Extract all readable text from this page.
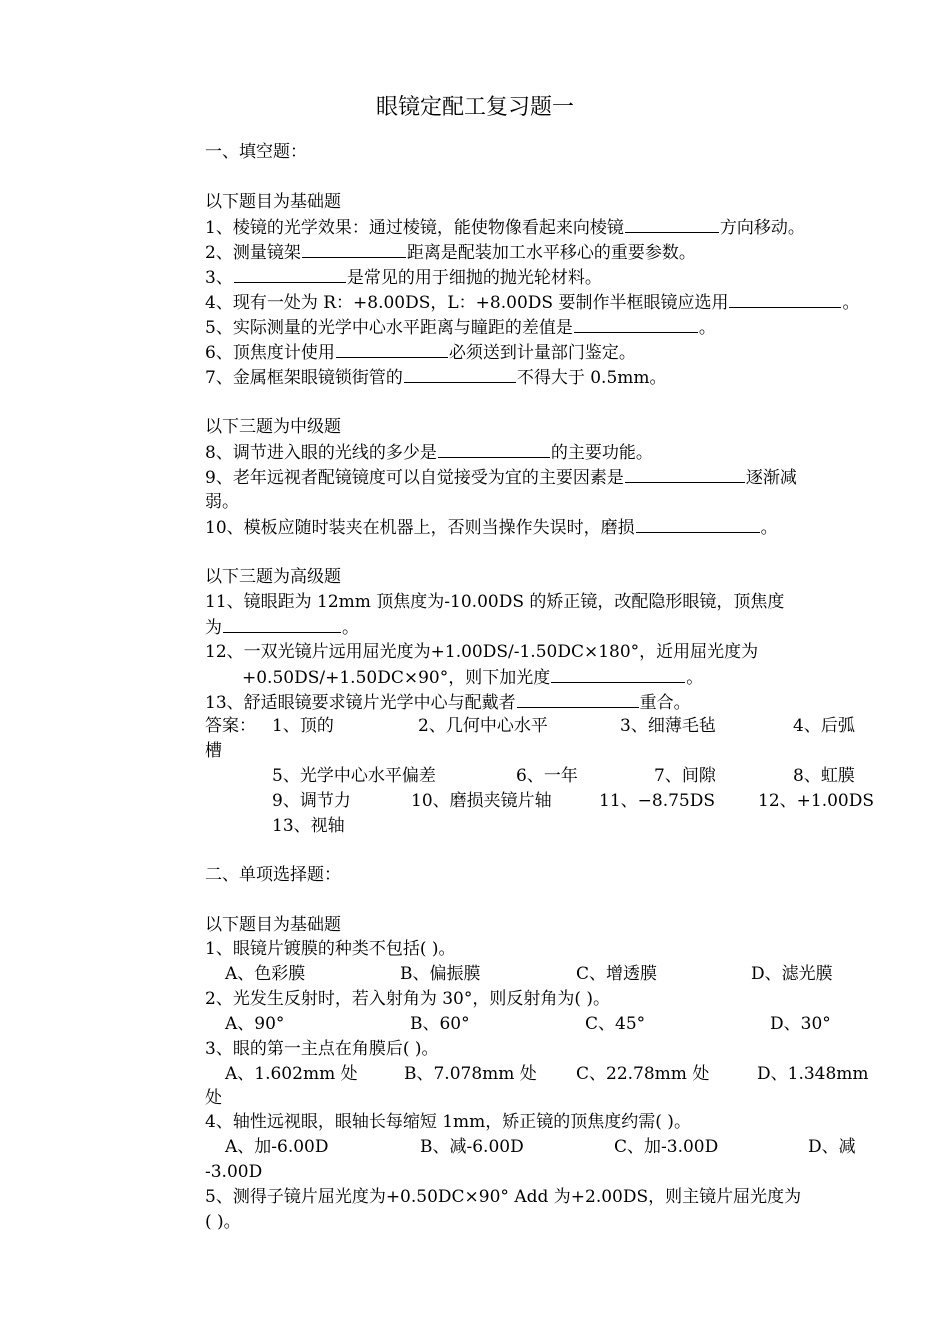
眼镜定配工复习题一
一、填空题：
以下题目为基础题
1、棱镜的光学效果：通过棱镜，能使物像看起来向棱镜	方向移动。
2、测量镜架	距离是配装加工水平移心的重要参数。
3、	是常见的用于细抛的抛光轮材料。
4、现有一处为 R：+8.00DS，L：+8.00DS 要制作半框眼镜应选用	。
5、实际测量的光学中心水平距离与瞳距的差值是	。
6、顶焦度计使用	必须送到计量部门鉴定。
7、金属框架眼镜锁街管的	不得大于 0.5mm。
以下三题为中级题
8、调节进入眼的光线的多少是	的主要功能。
9、老年远视者配镜镜度可以自觉接受为宜的主要因素是	逐渐减
弱。
10、模板应随时装夹在机器上，否则当操作失误时，磨损	。
以下三题为高级题
11、镜眼距为 12mm 顶焦度为-10.00DS 的矫正镜，改配隐形眼镜，顶焦度
为	。
12、一双光镜片远用屈光度为+1.00DS/-1.50DC×180°，近用屈光度为
+0.50DS/+1.50DC×90°，则下加光度	。
13、舒适眼镜要求镜片光学中心与配戴者	重合。
答案： 1、顶的	2、几何中心水平	3、细薄毛毡	4、后弧
槽
5、光学中心水平偏差	6、一年	7、间隙	8、虹膜
9、调节力	10、磨损夹镜片轴	11、−8.75DS	12、+1.00DS
13、视轴
二、单项选择题：
以下题目为基础题
1、眼镜片镀膜的种类不包括( )。
A、色彩膜	B、偏振膜	C、增透膜	D、滤光膜
2、光发生反射时，若入射角为 30°，则反射角为( )。
A、90°	B、60°	C、45°	D、30°
3、眼的第一主点在角膜后( )。
A、1.602mm 处	B、7.078mm 处 C、22.78mm 处	D、1.348mm
处
4、轴性远视眼，眼轴长每缩短 1mm，矫正镜的顶焦度约需( )。
A、加-6.00D	B、减-6.00D	C、加-3.00D	D、减
-3.00D
5、测得子镜片屈光度为+0.50DC×90° Add 为+2.00DS，则主镜片屈光度为
( )。
